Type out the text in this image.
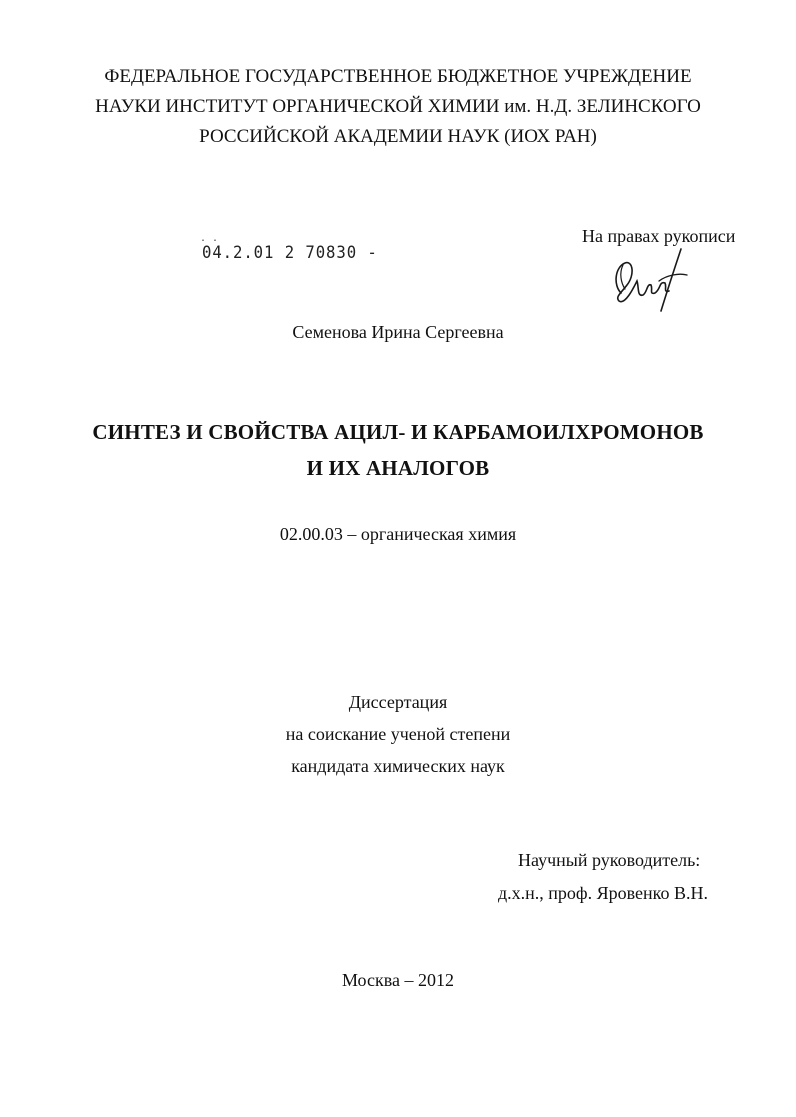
ФЕДЕРАЛЬНОЕ ГОСУДАРСТВЕННОЕ БЮДЖЕТНОЕ УЧРЕЖДЕНИЕ
НАУКИ ИНСТИТУТ ОРГАНИЧЕСКОЙ ХИМИИ им. Н.Д. ЗЕЛИНСКОГО
РОССИЙСКОЙ АКАДЕМИИ НАУК (ИОХ РАН)
. .
04.2.01 2 70830 -
На правах рукописи
Семенова Ирина Сергеевна
СИНТЕЗ И СВОЙСТВА АЦИЛ- И КАРБАМОИЛХРОМОНОВ
И ИХ АНАЛОГОВ
02.00.03 – органическая химия
Диссертация
на соискание ученой степени
кандидата химических наук
Научный руководитель:
д.х.н., проф. Яровенко В.Н.
Москва – 2012
